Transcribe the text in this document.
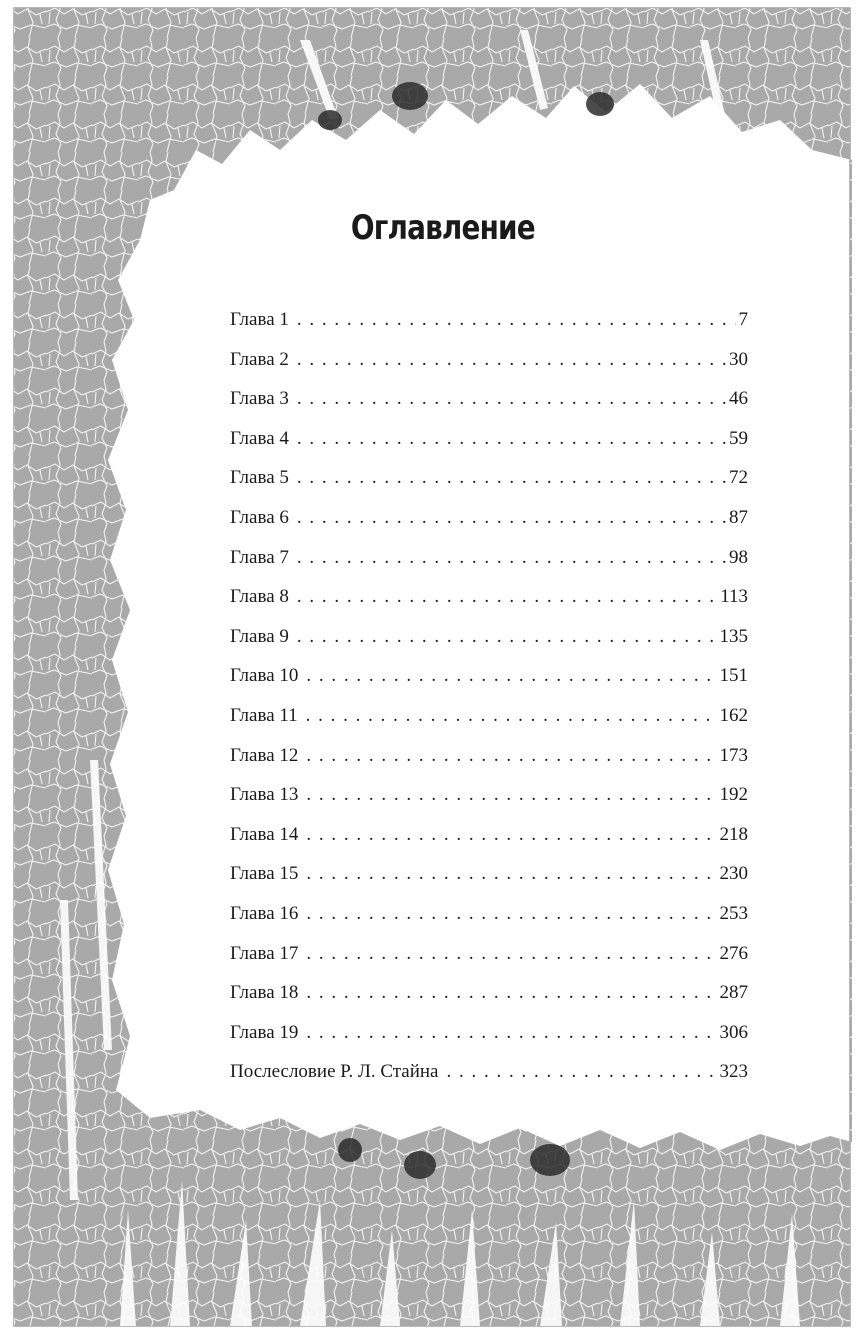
Оглавление
Глава 1 . . .	7
Глава 2 . . .	30
Глава 3 . . .	46
Глава 4 . . .	59
Глава 5 . . .	72
Глава 6 . . .	87
Глава 7 . . .	98
Глава 8 . . .	113
Глава 9 . . .	135
Глава 10 . . .	151
Глава 11 . . .	162
Глава 12 . . .	173
Глава 13 . . .	192
Глава 14 . . .	218
Глава 15 . . .	230
Глава 16 . . .	253
Глава 17 . . .	276
Глава 18 . . .	287
Глава 19 . . .	306
Послесловие Р. Л. Стайна . . .	323
